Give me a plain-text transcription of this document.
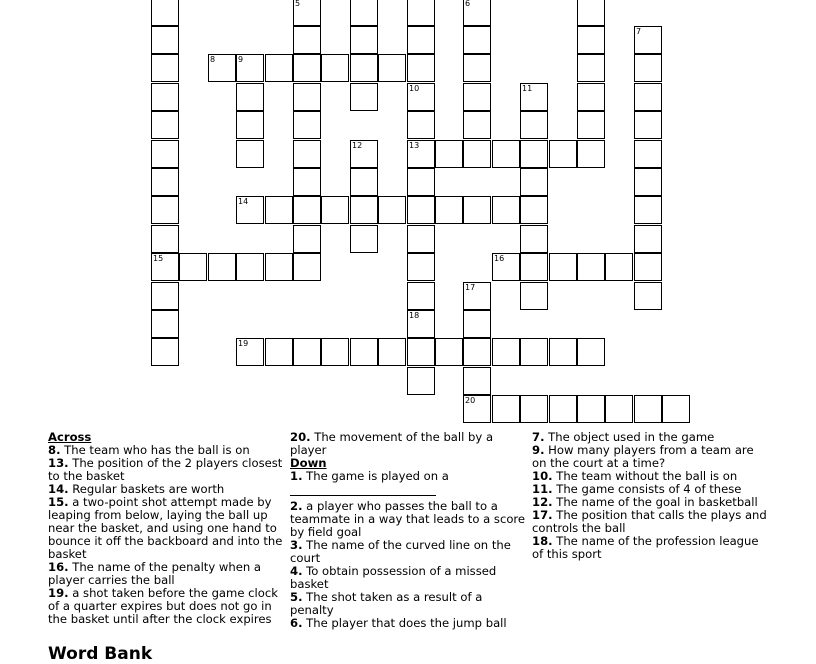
5	6
7
8	9
10	11
12	13
14
15	16
17
18
19
20
Across
8. The team who has the ball is on
13. The position of the 2 players closest to the basket
14. Regular baskets are worth
15. a two-point shot attempt made by leaping from below, laying the ball up near the basket, and using one hand to bounce it off the backboard and into the basket
16. The name of the penalty when a player carries the ball
19. a shot taken before the game clock of a quarter expires but does not go in the basket until after the clock expires
20. The movement of the ball by a player
Down
1. The game is played on a

2. a player who passes the ball to a teammate in a way that leads to a score by field goal
3. The name of the curved line on the court
4. To obtain possession of a missed basket
5. The shot taken as a result of a penalty
6. The player that does the jump ball
7. The object used in the game
9. How many players from a team are on the court at a time?
10. The team without the ball is on
11. The game consists of 4 of these
12. The name of the goal in basketball
17. The position that calls the plays and controls the ball
18. The name of the profession league of this sport
Word Bank
